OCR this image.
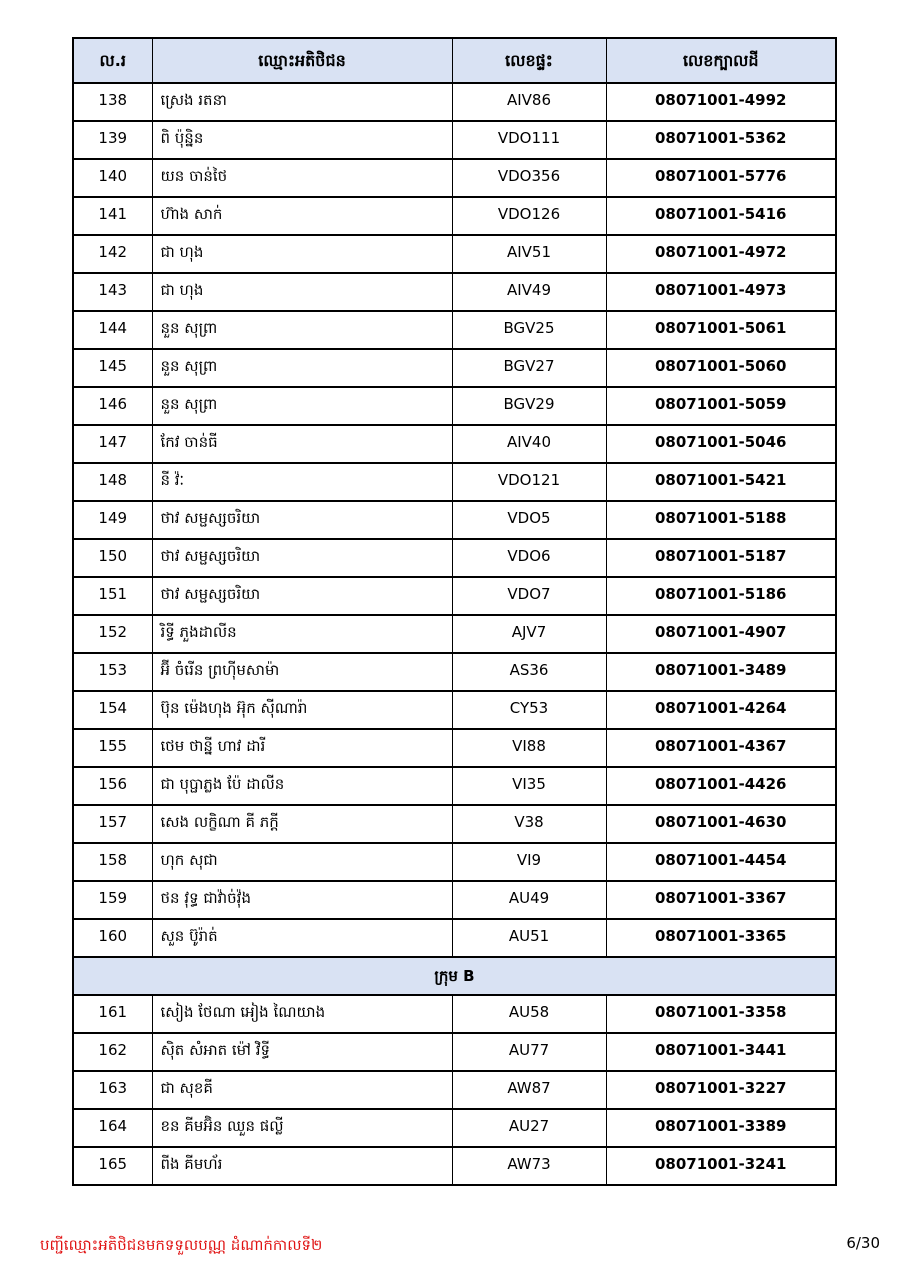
ល.រ	ឈ្មោះអតិថិជន	លេខផ្ទះ	លេខក្បាលដី
138	ស្រេង រតនា	AIV86	08071001-4992
139	ពិ ប៉ុន្និន	VDO111	08071001-5362
140	យន ចាន់ថៃ	VDO356	08071001-5776
141	ហ៊ាង សាក់	VDO126	08071001-5416
142	ជា ហុង	AIV51	08071001-4972
143	ជា ហុង	AIV49	08071001-4973
144	នួន សុព្រា	BGV25	08071001-5061
145	នួន សុព្រា	BGV27	08071001-5060
146	នួន សុព្រា	BGV29	08071001-5059
147	កែវ ចាន់ធី	AIV40	08071001-5046
148	នី វ៉ៈ	VDO121	08071001-5421
149	ថាវ សម្ផស្សចរិយា	VDO5	08071001-5188
150	ថាវ សម្ផស្សចរិយា	VDO6	08071001-5187
151	ថាវ សម្ផស្សចរិយា	VDO7	08071001-5186
152	រិទ្ធី ភួងដាលីន	AJV7	08071001-4907
153	អ៊ី ចំរើន ព្រហ៊ីមសាម៉ា	AS36	08071001-3489
154	ប៊ុន ម៉េងហុង អ៊ុក ស៊ីណារ៉ា	CY53	08071001-4264
155	ថេម ថាន្នី ហាវ ដារី	VI88	08071001-4367
156	ជា បុប្ផាភ្លង ប៉ែ ដាលីន	VI35	08071001-4426
157	សេង លក្ខិណា គី ភក្តី	V38	08071001-4630
158	ហុក សុជា	VI9	08071001-4454
159	ថន វុទ្ធ ជាវ៉ាច់វ៉ុង	AU49	08071001-3367
160	សួន ប៊ូរ៉ាត់	AU51	08071001-3365
ក្រុម B			
161	សៀង ថែណា អៀង ណៃយាង	AU58	08071001-3358
162	ស៊ិត សំអាត ម៉ៅ វិទ្ធី	AU77	08071001-3441
163	ជា សុខគី	AW87	08071001-3227
164	ខន គីមអ៊ិន ឈួន ផល្លី	AU27	08071001-3389
165	ពីង គីមហ័រ	AW73	08071001-3241
បញ្ជីឈ្មោះអតិថិជនមកទទួលបណ្ណ ដំណាក់កាលទី២	6/30
